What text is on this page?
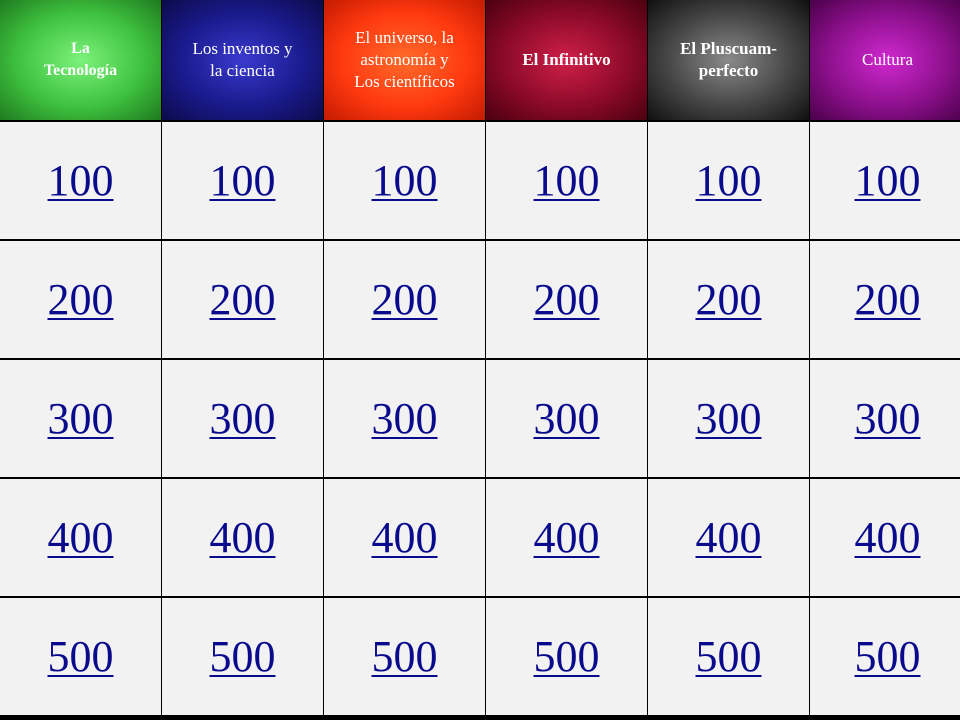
La
Tecnología
Los inventos y
la ciencia
El universo, la
astronomía y
Los científicos
El Infinitivo
El Pluscuam-
perfecto
Cultura
100 100 100 100 100 100
200 200 200 200 200 200
300 300 300 300 300 300
400 400 400 400 400 400
500 500 500 500 500 500
